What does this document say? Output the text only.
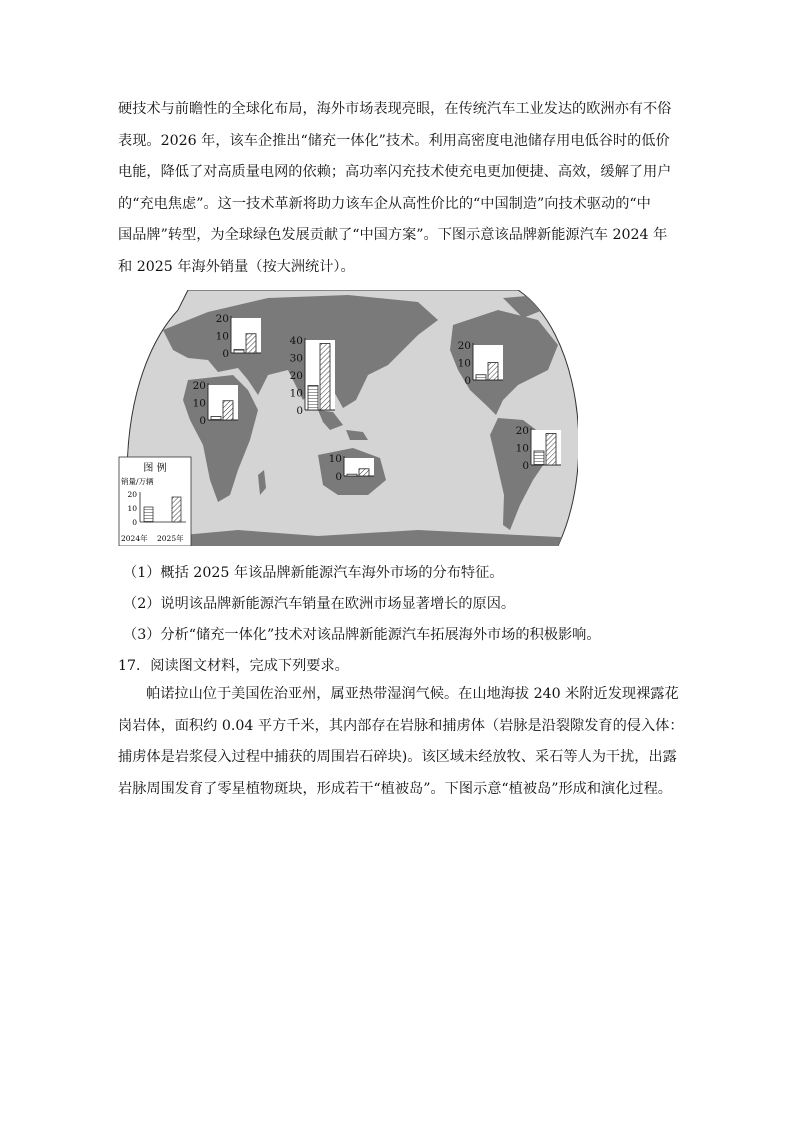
硬技术与前瞻性的全球化布局，海外市场表现亮眼，在传统汽车工业发达的欧洲亦有不俗
表现。2026 年，该车企推出“储充一体化”技术。利用高密度电池储存用电低谷时的低价
电能，降低了对高质量电网的依赖；高功率闪充技术使充电更加便捷、高效，缓解了用户
的“充电焦虑”。这一技术革新将助力该车企从高性价比的“中国制造”向技术驱动的“中
国品牌”转型，为全球绿色发展贡献了“中国方案”。下图示意该品牌新能源汽车 2024 年
和 2025 年海外销量（按大洲统计）。
20
10
0
40
30
20
10
0
20
10
0
20
10
0
20
10
0
10
0
图 例
销量/万辆
20
10
0
2024年 2025年

（1）概括 2025 年该品牌新能源汽车海外市场的分布特征。

（2）说明该品牌新能源汽车销量在欧洲市场显著增长的原因。

（3）分析“储充一体化”技术对该品牌新能源汽车拓展海外市场的积极影响。

17．阅读图文材料，完成下列要求。

帕诺拉山位于美国佐治亚州，属亚热带湿润气候。在山地海拔 240 米附近发现裸露花
岗岩体，面积约 0.04 平方千米，其内部存在岩脉和捕虏体（岩脉是沿裂隙发育的侵入体：
捕虏体是岩浆侵入过程中捕获的周围岩石碎块)。该区域未经放牧、采石等人为干扰，出露
岩脉周围发育了零星植物斑块，形成若干“植被岛”。下图示意“植被岛”形成和演化过程。
